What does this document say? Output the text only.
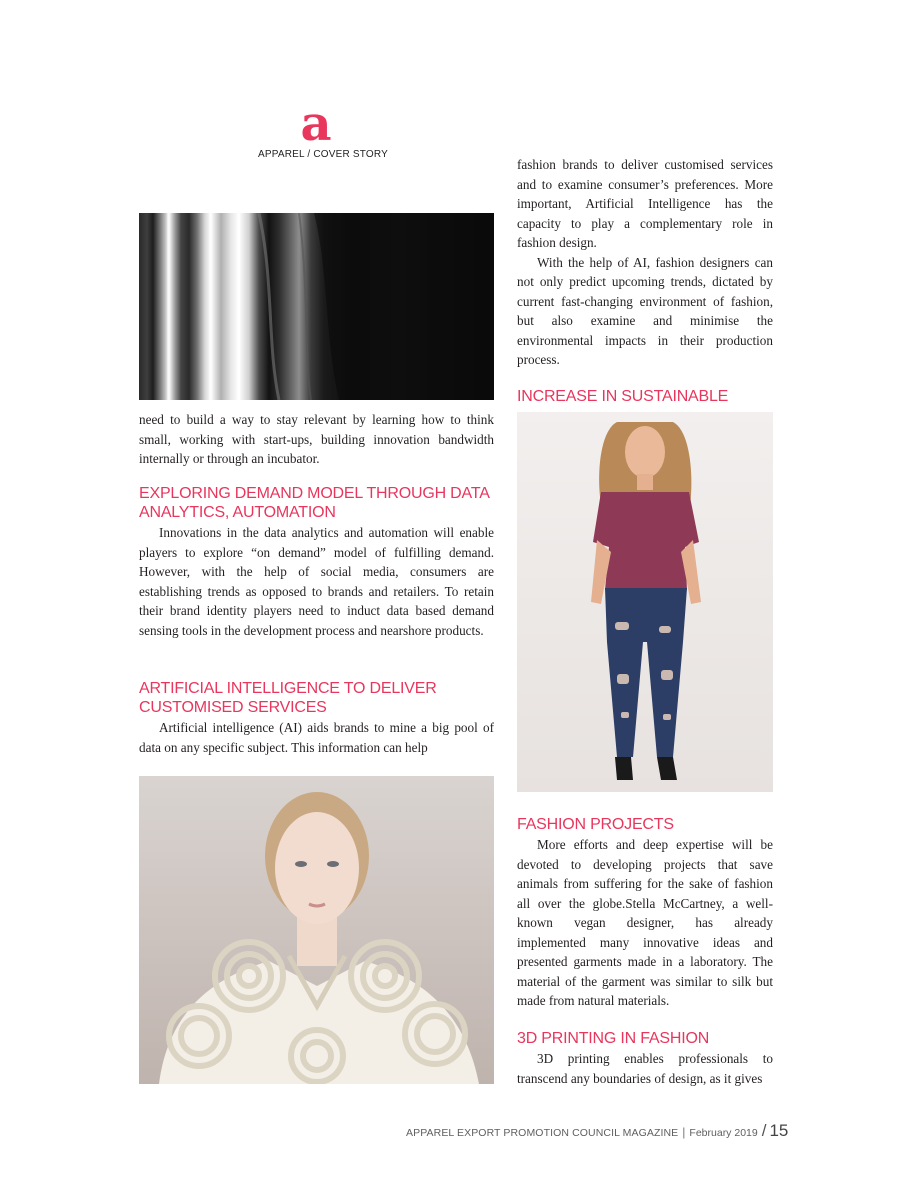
a
APPAREL / COVER STORY

need to build a way to stay relevant by learning how to think small, working with start-ups, building innovation bandwidth internally or through an incubator.

EXPLORING DEMAND MODEL THROUGH DATA ANALYTICS, AUTOMATION

Innovations in the data analytics and automation will enable players to explore “on demand” model of fulfilling demand. However, with the help of social media, consumers are establishing trends as opposed to brands and retailers. To retain their brand identity players need to induct data based demand sensing tools in the development process and nearshore products.

ARTIFICIAL INTELLIGENCE TO DELIVER CUSTOMISED SERVICES

Artificial intelligence (AI) aids brands to mine a big pool of data on any specific subject. This information can help

fashion brands to deliver customised services and to examine consumer’s preferences. More important, Artificial Intelligence has the capacity to play a complementary role in fashion design.

With the help of AI, fashion designers can not only predict upcoming trends, dictated by current fast-changing environment of fashion, but also examine and minimise the environmental impacts in their production process.

INCREASE IN SUSTAINABLE
FASHION PROJECTS

More efforts and deep expertise will be devoted to developing projects that save animals from suffering for the sake of fashion all over the globe.Stella McCartney, a well-known vegan designer, has already implemented many innovative ideas and presented garments made in a laboratory. The material of the garment was similar to silk but made from natural materials.

3D PRINTING IN FASHION

3D printing enables professionals to transcend any boundaries of design, as it gives

APPAREL EXPORT PROMOTION COUNCIL MAGAZINE | February 2019 / 15
